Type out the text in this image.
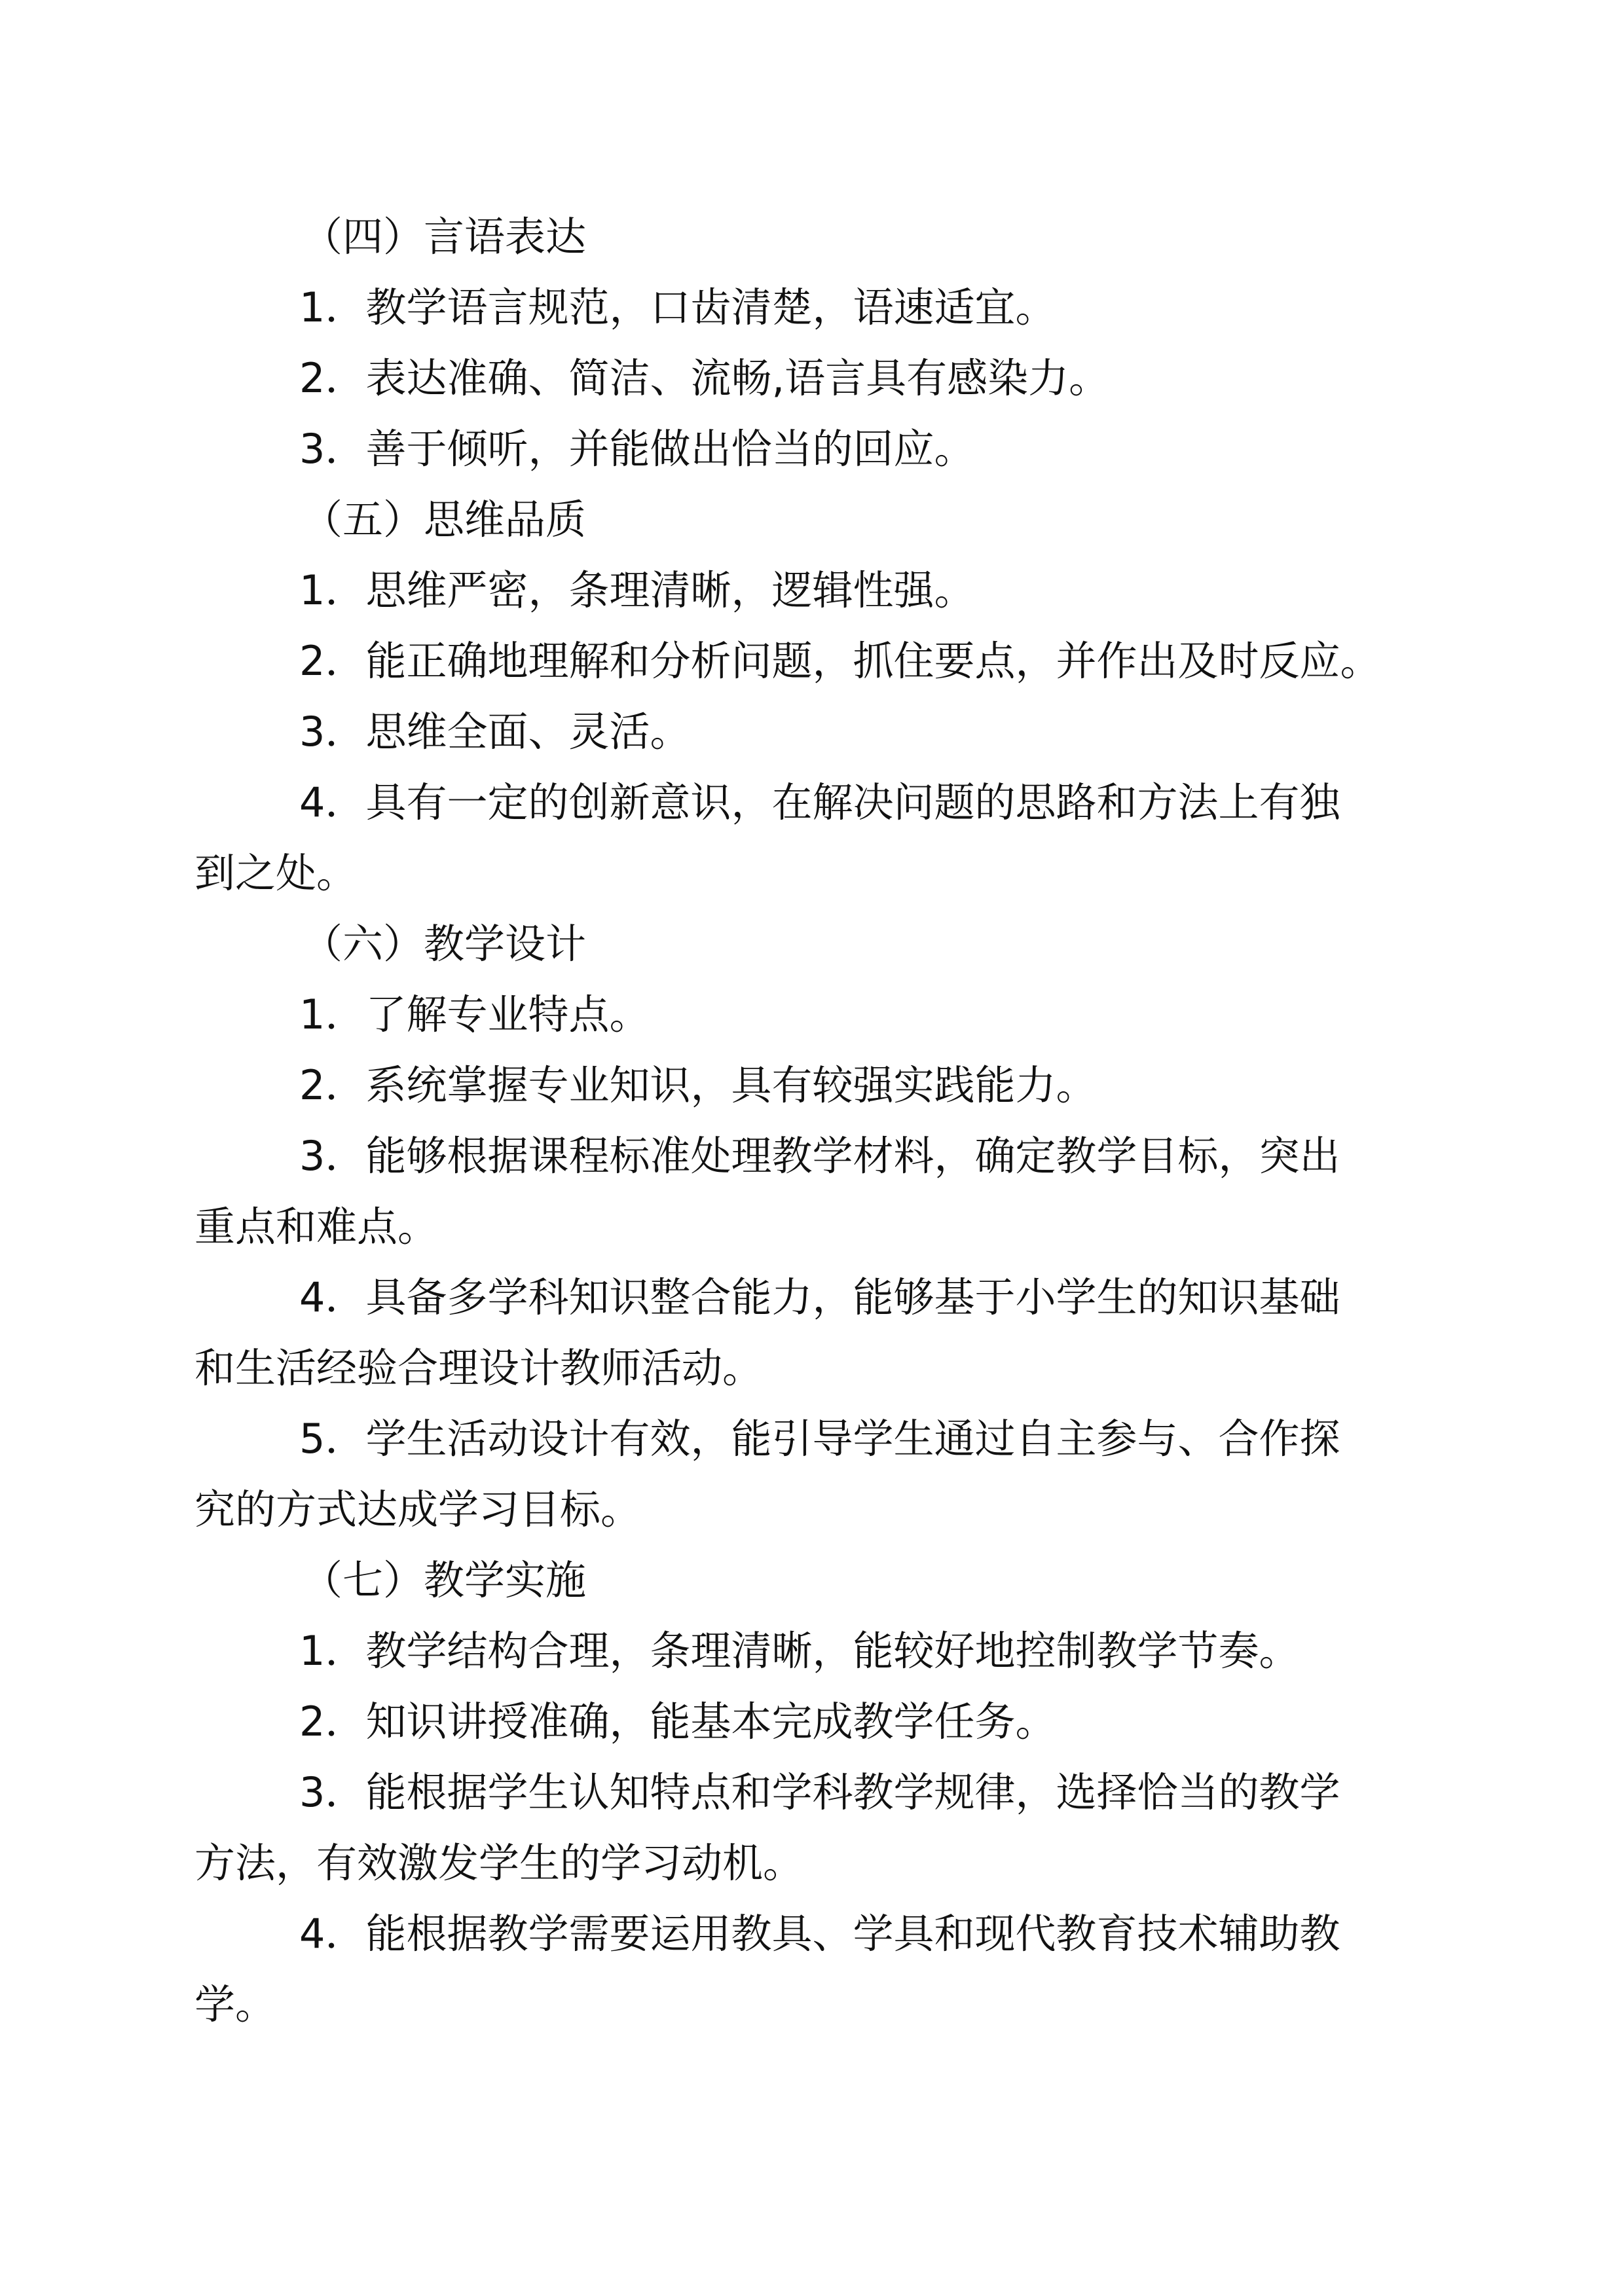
（四）言语表达

1．教学语言规范，口齿清楚，语速适宜。

2．表达准确、简洁、流畅,语言具有感染力。

3．善于倾听，并能做出恰当的回应。

（五）思维品质

1．思维严密，条理清晰，逻辑性强。

2．能正确地理解和分析问题，抓住要点，并作出及时反应。

3．思维全面、灵活。

4．具有一定的创新意识，在解决问题的思路和方法上有独

到之处。

（六）教学设计

1．了解专业特点。

2．系统掌握专业知识，具有较强实践能力。

3．能够根据课程标准处理教学材料，确定教学目标，突出

重点和难点。

4．具备多学科知识整合能力，能够基于小学生的知识基础

和生活经验合理设计教师活动。

5．学生活动设计有效，能引导学生通过自主参与、合作探

究的方式达成学习目标。

（七）教学实施

1．教学结构合理，条理清晰，能较好地控制教学节奏。

2．知识讲授准确，能基本完成教学任务。

3．能根据学生认知特点和学科教学规律，选择恰当的教学

方法，有效激发学生的学习动机。

4．能根据教学需要运用教具、学具和现代教育技术辅助教

学。
